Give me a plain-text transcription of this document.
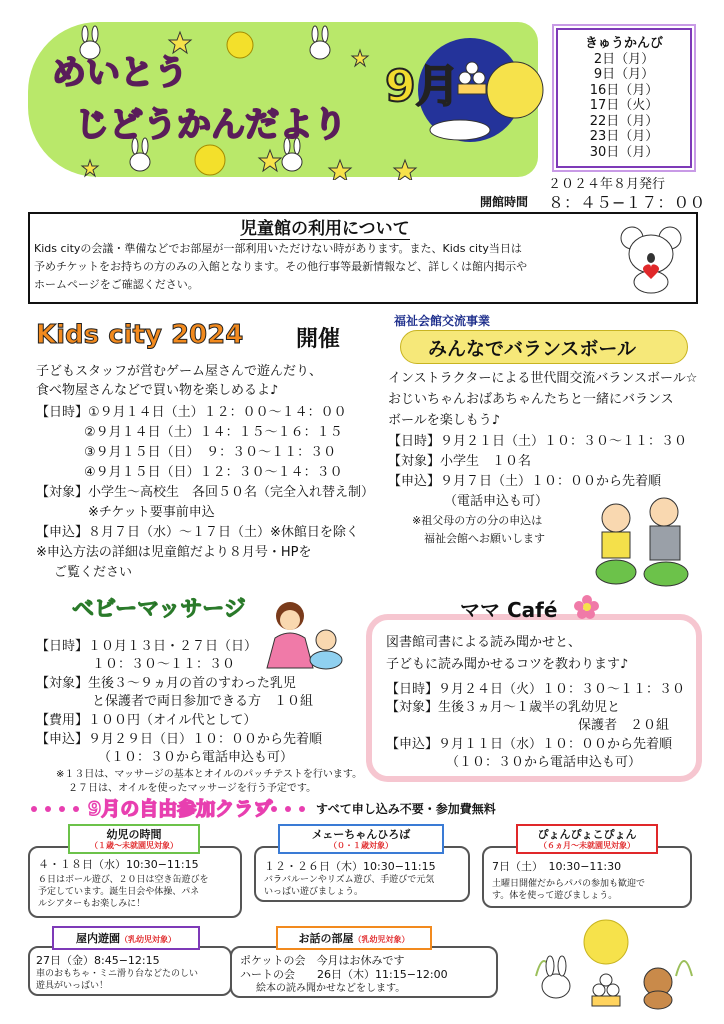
めいとう
じどうかんだより
9月
きゅうかんび
2日（月）
9日（月）
16日（月）
17日（火）
22日（月）
23日（月）
30日（月）
２０２４年８月発行
開館時間 ８：４５−１７：００
児童館の利用について
Kids cityの会議・準備などでお部屋が一部利用いただけない時があります。また、Kids city当日は
予めチケットをお持ちの方のみの入館となります。その他行事等最新情報など、詳しくは館内掲示や
ホームページをご確認ください。
Kids city 2024 開催
子どもスタッフが営むゲーム屋さんで遊んだり、
食べ物屋さんなどで買い物を楽しめるよ♪
【日時】①９月１４日（土）１２：００〜１４：００
②９月１４日（土）１４：１５〜１６：１５
③９月１５日（日）　９：３０〜１１：３０
④９月１５日（日）１２：３０〜１４：３０
【対象】小学生〜高校生　各回５０名（完全入れ替え制）
※チケット要事前申込
【申込】８月７日（水）〜１７日（土）※休館日を除く
※申込方法の詳細は児童館だより８月号・HPを
ご覧ください
福祉会館交流事業
みんなでバランスボール
インストラクターによる世代間交流バランスボール☆
おじいちゃんおばあちゃんたちと一緒にバランス
ボールを楽しもう♪
【日時】９月２１日（土）１０：３０〜１１：３０
【対象】小学生　１０名
【申込】９月７日（土）１０：００から先着順
（電話申込も可）
※祖父母の方の分の申込は
福祉会館へお願いします
ベビーマッサージ
【日時】１０月１３日・２７日（日）
１０：３０〜１１：３０
【対象】生後３〜９ヵ月の首のすわった乳児
と保護者で両日参加できる方　１０組
【費用】１００円（オイル代として）
【申込】９月２９日（日）１０：００から先着順
（１０：３０から電話申込も可）
※１３日は、マッサージの基本とオイルのパッチテストを行います。
２７日は、オイルを使ったマッサージを行う予定です。
ママ Café
図書館司書による読み聞かせと、
子どもに読み聞かせるコツを教わります♪
【日時】９月２４日（火）１０：３０〜１１：３０
【対象】生後３ヵ月〜１歳半の乳幼児と
保護者　２０組
【申込】９月１１日（水）１０：００から先着順
（１０：３０から電話申込も可）
9月の自由参加クラブ	すべて申し込み不要・参加費無料
幼児の時間
（１歳〜未就園児対象）
４・１８日（水）10:30−11:15
６日はボール遊び、２０日は空き缶遊びを
予定しています。誕生日会や体操、パネ
ルシアターもお楽しみに！
メェーちゃんひろば
（０・１歳対象）
１２・２６日（木）10:30−11:15
バラバルーンやリズム遊び、手遊びで元気
いっぱい遊びましょう。
ぴょんぴょこぴょん
（６ヵ月〜未就園児対象）
7日（土）　10:30−11:30
土曜日開催だからパパの参加も歓迎で
す。体を使って遊びましょう。
屋内遊園（乳幼児対象）
27日（金）8:45−12:15
車のおもちゃ・ミニ滑り台などたのしい
遊具がいっぱい！
お話の部屋（乳幼児対象）
ポケットの会　今月はお休みです
ハートの会　　26日（木）11:15−12:00
絵本の読み聞かせなどをします。
